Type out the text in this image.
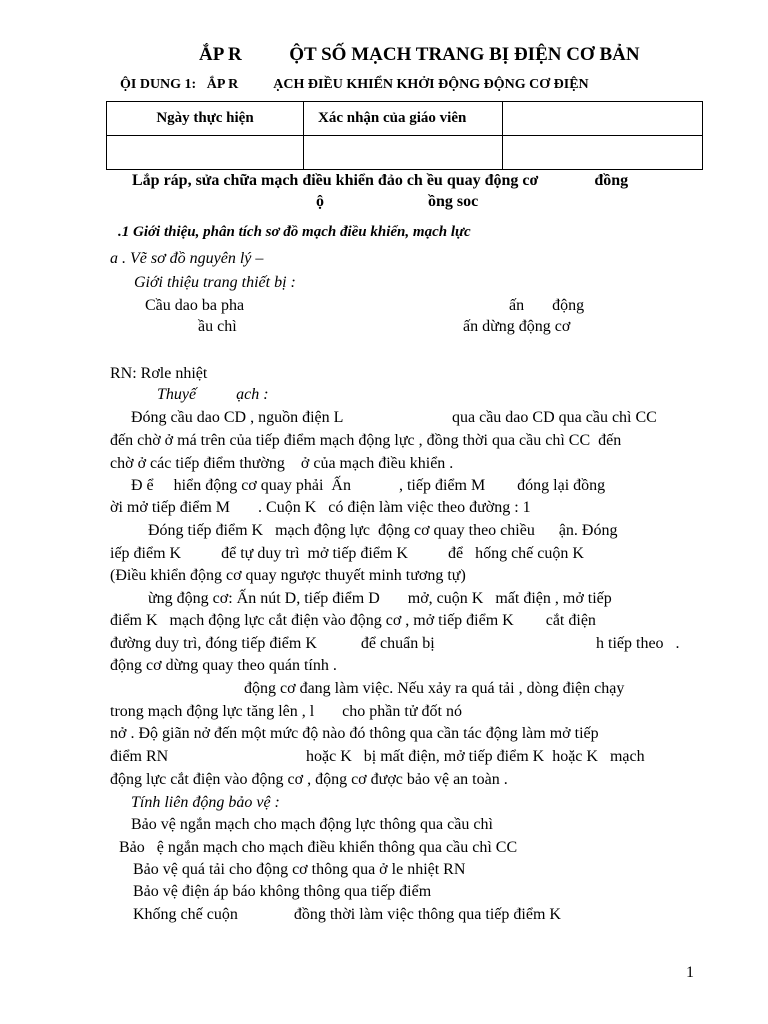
ẮP R          ỘT SỐ MẠCH TRANG BỊ ĐIỆN CƠ BẢN
ỘI DUNG 1:   ẮP R          ẠCH ĐIỀU KHIỂN KHỞI ĐỘNG ĐỘNG CƠ ĐIỆN
Ngày thực hiện	Xác nhận của giáo viên	

Lắp ráp, sửa chữa mạch điều khiển đảo ch ều quay động cơ              đồng
ộ                          ồng soc
.1 Giới thiệu, phân tích sơ đồ mạch điều khiển, mạch lực
a . Vẽ sơ đồ nguyên lý –
Giới thiệu trang thiết bị :
Cầu dao ba pha	ấn       động
ầu chì	ấn dừng động cơ
RN: Rơle nhiệt
Thuyế          ạch :
Đóng cầu dao CD , nguồn điện L	qua cầu dao CD qua cầu chì CC
đến chờ ở má trên của tiếp điểm mạch động lực , đồng thời qua cầu chì CC  đến
chờ ở các tiếp điểm thường    ở của mạch điều khiển .
Đ ể     hiển động cơ quay phải  Ấn            , tiếp điểm M        đóng lại đồng
ời mở tiếp điểm M       . Cuộn K   có điện làm việc theo đường : 1
Đóng tiếp điểm K   mạch động lực  động cơ quay theo chiều      ận. Đóng
iếp điểm K          để tự duy trì  mở tiếp điểm K          để   hống chế cuộn K
(Điều khiển động cơ quay ngược thuyết minh tương tự)
ừng động cơ: Ấn nút D, tiếp điểm D       mở, cuộn K   mất điện , mở tiếp
điểm K   mạch động lực cắt điện vào động cơ , mở tiếp điểm K        cắt điện
đường duy trì, đóng tiếp điểm K           để chuẩn bị	h tiếp theo   .
động cơ dừng quay theo quán tính .
động cơ đang làm việc. Nếu xảy ra quá tải , dòng điện chạy
trong mạch động lực tăng lên , l       cho phần tử đốt nó
nở . Độ giãn nở đến một mức độ nào đó thông qua cần tác động làm mở tiếp
điểm RN	hoặc K   bị mất điện, mở tiếp điểm K  hoặc K   mạch
động lực cắt điện vào động cơ , động cơ được bảo vệ an toàn .
Tính liên động bảo vệ :
Bảo vệ ngắn mạch cho mạch động lực thông qua cầu chì
Bảo   ệ ngắn mạch cho mạch điều khiển thông qua cầu chì CC
Bảo vệ quá tải cho động cơ thông qua ở le nhiệt RN
Bảo vệ điện áp báo không thông qua tiếp điểm
Khống chế cuộn              đồng thời làm việc thông qua tiếp điểm K
1
